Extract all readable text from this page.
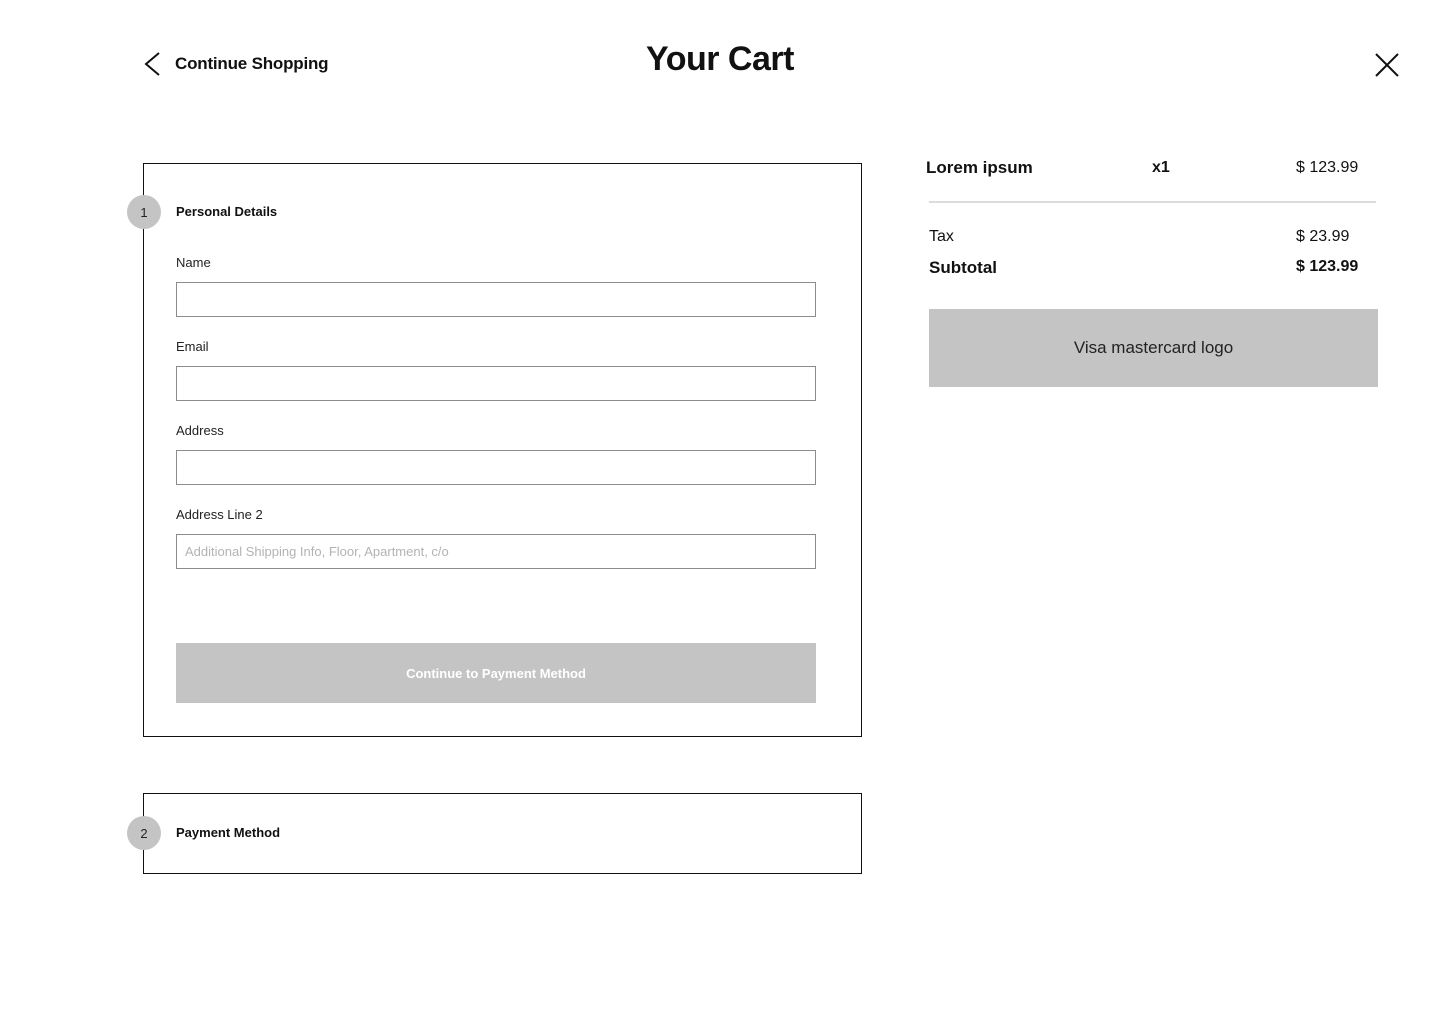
Continue Shopping	Your Cart
1	Personal Details
Name
Email
Address
Address Line 2
Additional Shipping Info, Floor, Apartment, c/o
Continue to Payment Method
2	Payment Method
Lorem ipsum	x1	$ 123.99
Tax	$ 23.99
Subtotal	$ 123.99
Visa mastercard logo
